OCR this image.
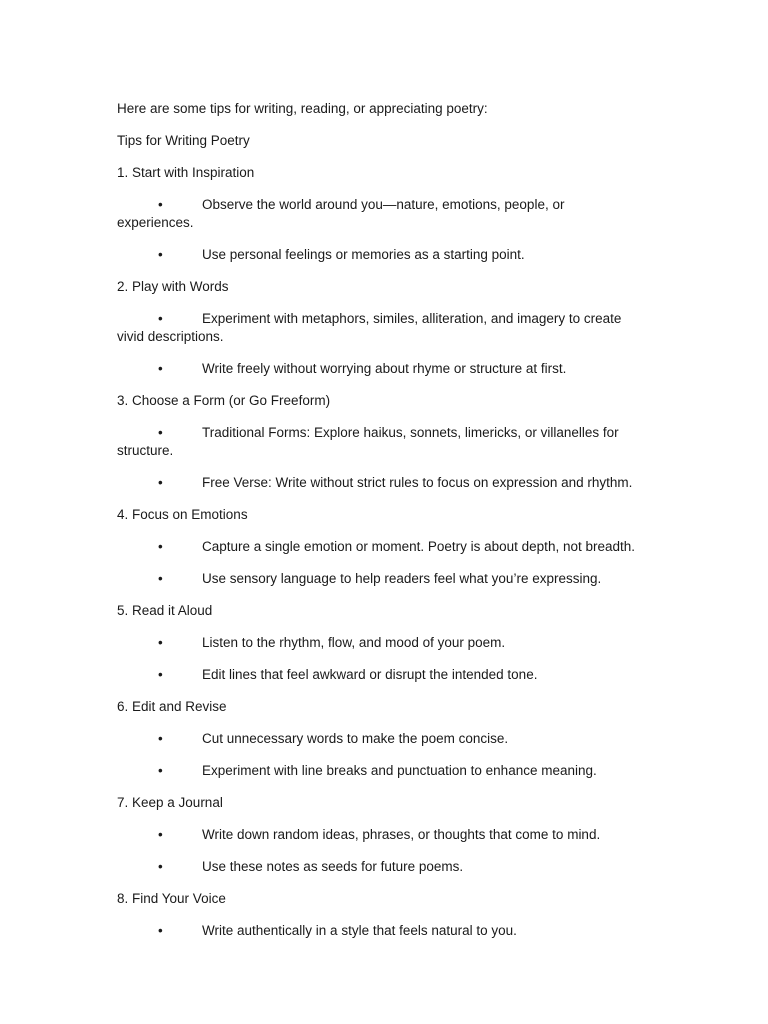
Here are some tips for writing, reading, or appreciating poetry:

Tips for Writing Poetry

1. Start with Inspiration

•	Observe the world around you—nature, emotions, people, or experiences.

•	Use personal feelings or memories as a starting point.

2. Play with Words

•	Experiment with metaphors, similes, alliteration, and imagery to create vivid descriptions.

•	Write freely without worrying about rhyme or structure at first.

3. Choose a Form (or Go Freeform)

•	Traditional Forms: Explore haikus, sonnets, limericks, or villanelles for structure.

•	Free Verse: Write without strict rules to focus on expression and rhythm.

4. Focus on Emotions

•	Capture a single emotion or moment. Poetry is about depth, not breadth.

•	Use sensory language to help readers feel what you’re expressing.

5. Read it Aloud

•	Listen to the rhythm, flow, and mood of your poem.

•	Edit lines that feel awkward or disrupt the intended tone.

6. Edit and Revise

•	Cut unnecessary words to make the poem concise.

•	Experiment with line breaks and punctuation to enhance meaning.

7. Keep a Journal

•	Write down random ideas, phrases, or thoughts that come to mind.

•	Use these notes as seeds for future poems.

8. Find Your Voice

•	Write authentically in a style that feels natural to you.
